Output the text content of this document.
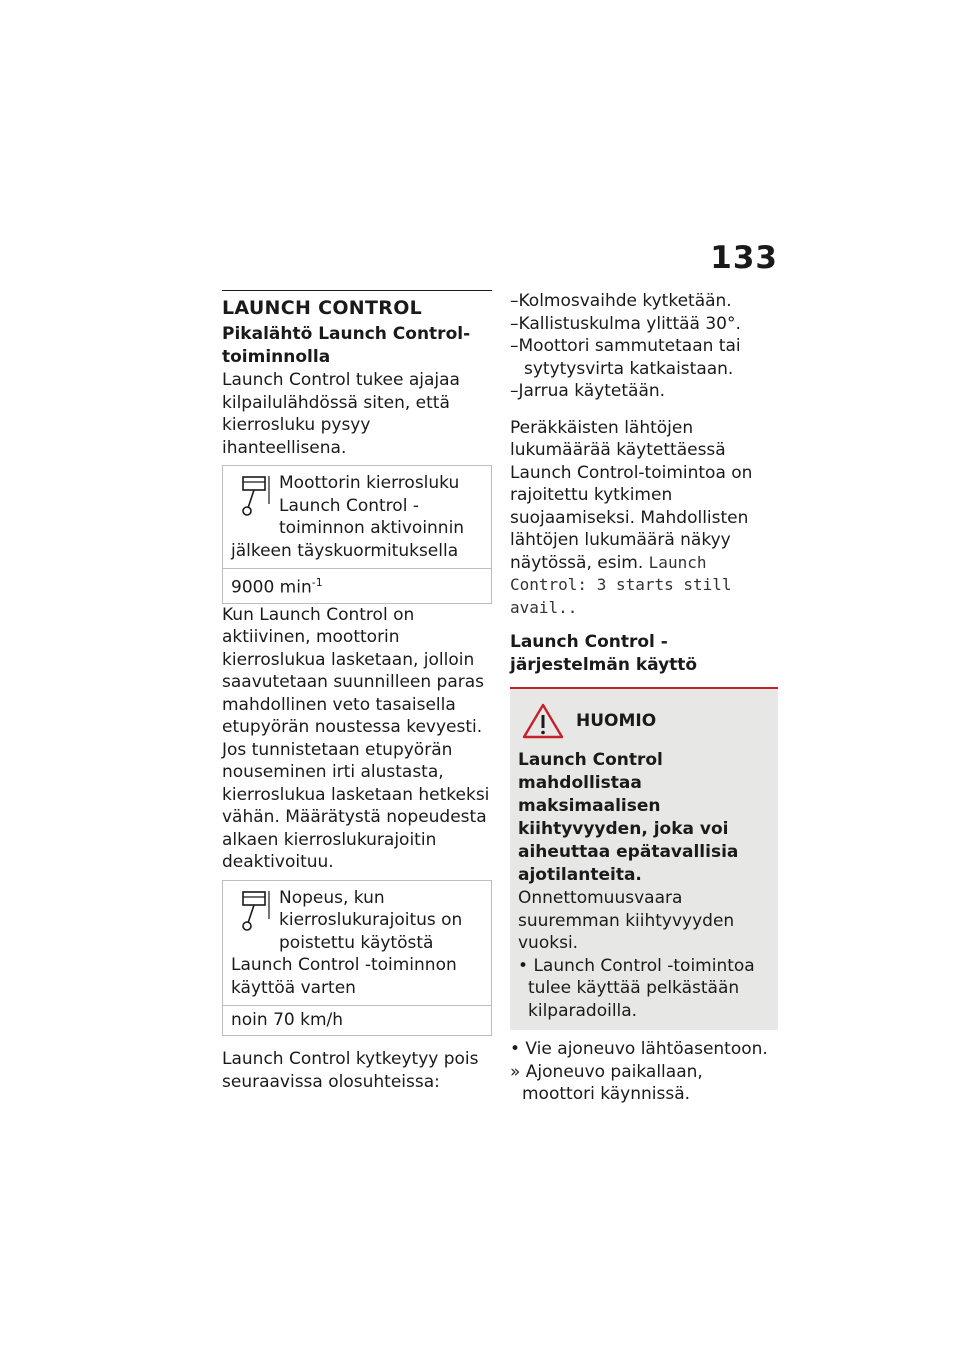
133
LAUNCH CONTROL

Pikalähtö Launch Control-toiminnolla

Launch Control tukee ajajaa kilpailulähdössä siten, että kierrosluku pysyy ihanteellisena.

Moottorin kierrosluku Launch Control -toiminnon aktivoinnin jälkeen täyskuormituksella
9000 $\min^{-1}$

Kun Launch Control on aktiivinen, moottorin kierroslukua lasketaan, jolloin saavutetaan suunnilleen paras mahdollinen veto tasaisella etupyörän noustessa kevyesti. Jos tunnistetaan etupyörän nouseminen irti alustasta, kierroslukua lasketaan hetkeksi vähän. Määrätystä nopeudesta alkaen kierroslukurajoitin deaktivoituu.

Nopeus, kun kierroslukurajoitus on poistettu käytöstä Launch Control -toiminnon käyttöä varten
noin 70 km/h

Launch Control kytkeytyy pois seuraavissa olosuhteissa:

–Kolmosvaihde kytketään.
–Kallistuskulma ylittää 30°.
–Moottori sammutetaan tai sytytysvirta katkaistaan.
–Jarrua käytetään.

Peräkkäisten lähtöjen lukumäärää käytettäessä Launch Control-toimintoa on rajoitettu kytkimen suojaamiseksi. Mahdollisten lähtöjen lukumäärä näkyy näytössä, esim. Launch Control: 3 starts still avail..

Launch Control -järjestelmän käyttö

HUOMIO

Launch Control mahdollistaa maksimaalisen kiihtyvyyden, joka voi aiheuttaa epätavallisia ajotilanteita.

Onnettomuusvaara suuremman kiihtyvyyden vuoksi.

• Launch Control -toimintoa tulee käyttää pelkästään kilparadoilla.

• Vie ajoneuvo lähtöasentoon.

» Ajoneuvo paikallaan, moottori käynnissä.
